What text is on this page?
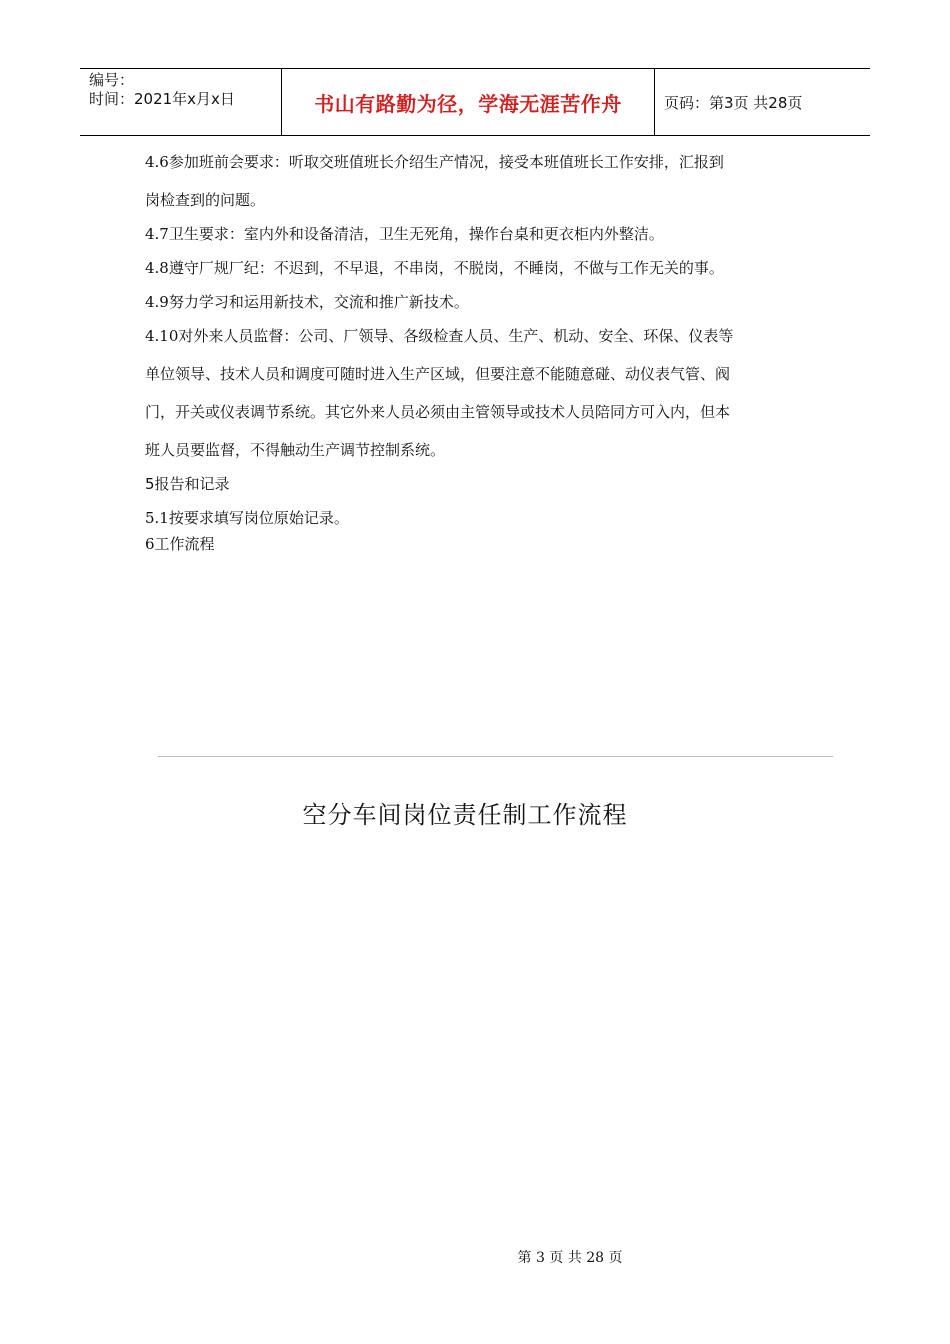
编号：
时间：2021年x月x日	书山有路勤为径，学海无涯苦作舟	页码：第3页 共28页
4.6参加班前会要求：听取交班值班长介绍生产情况，接受本班值班长工作安排，汇报到
岗检查到的问题。
4.7卫生要求：室内外和设备清洁，卫生无死角，操作台桌和更衣柜内外整洁。
4.8遵守厂规厂纪：不迟到，不早退，不串岗，不脱岗，不睡岗，不做与工作无关的事。
4.9努力学习和运用新技术，交流和推广新技术。
4.10对外来人员监督：公司、厂领导、各级检查人员、生产、机动、安全、环保、仪表等
单位领导、技术人员和调度可随时进入生产区域，但要注意不能随意碰、动仪表气管、阀
门，开关或仪表调节系统。其它外来人员必须由主管领导或技术人员陪同方可入内，但本
班人员要监督，不得触动生产调节控制系统。
5报告和记录
5.1按要求填写岗位原始记录。
6工作流程
空分车间岗位责任制工作流程
第 3 页 共 28 页
